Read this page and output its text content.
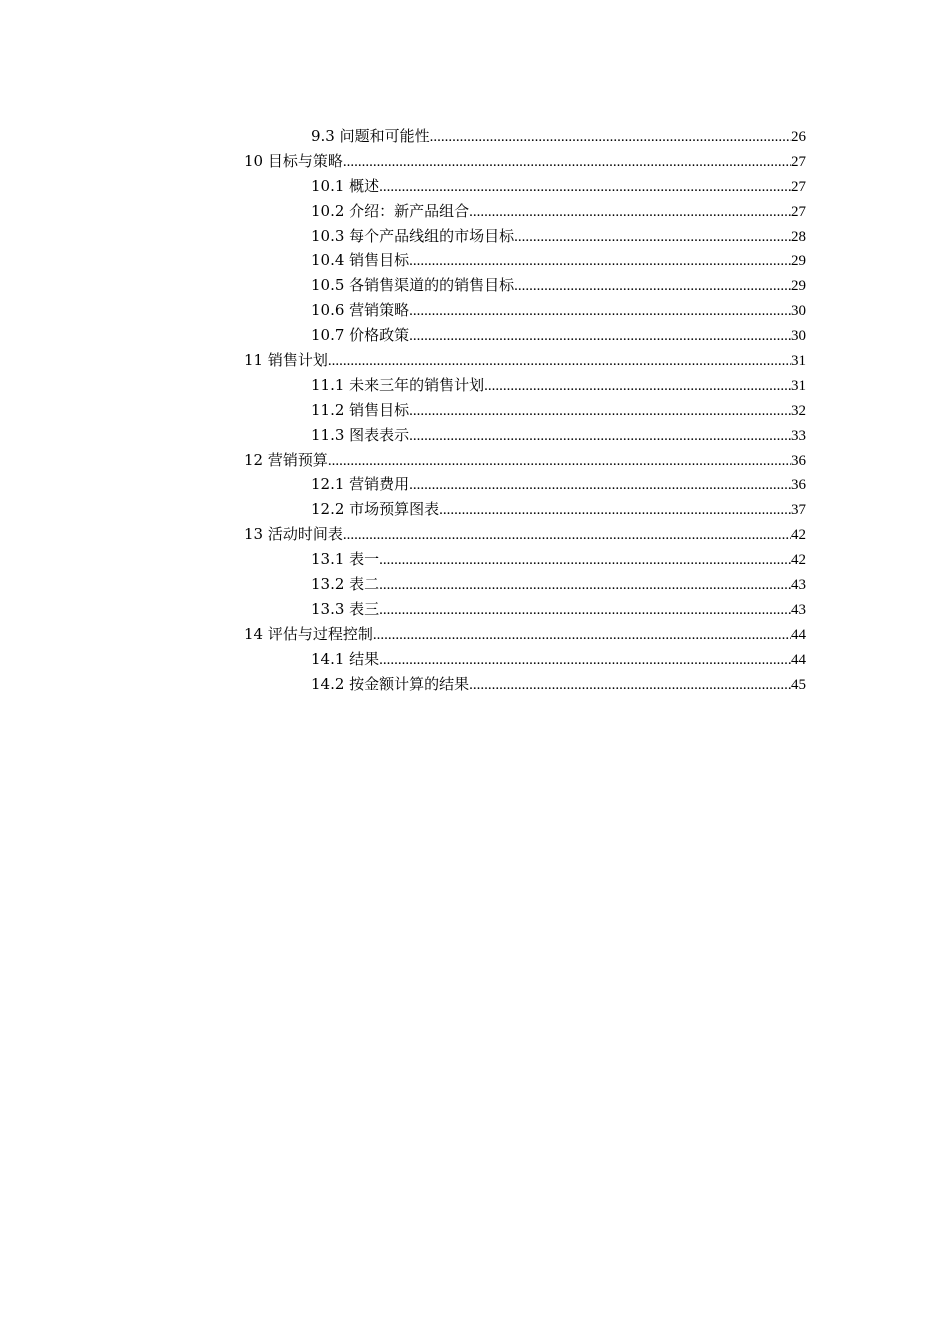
9.3 问题和可能性 .....	26
10 目标与策略 .....	27
10.1 概述 .....	27
10.2 介绍：新产品组合 .....	27
10.3 每个产品线组的市场目标 .....	28
10.4 销售目标 .....	29
10.5 各销售渠道的的销售目标 .....	29
10.6 营销策略 .....	30
10.7 价格政策 .....	30
11 销售计划 .....	31
11.1 未来三年的销售计划 .....	31
11.2 销售目标 .....	32
11.3 图表表示 .....	33
12 营销预算 .....	36
12.1 营销费用 .....	36
12.2 市场预算图表 .....	37
13 活动时间表 .....	42
13.1 表一 .....	42
13.2 表二 .....	43
13.3 表三 .....	43
14 评估与过程控制 .....	44
14.1 结果 .....	44
14.2 按金额计算的结果 .....	45
